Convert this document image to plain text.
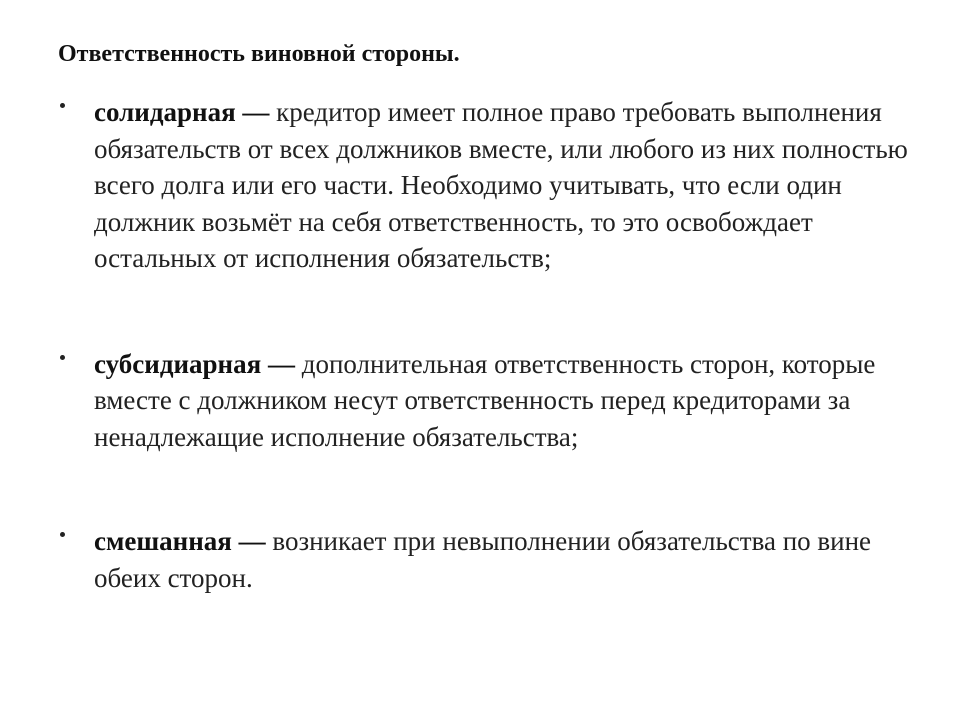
Ответственность виновной стороны.
солидарная — кредитор имеет полное право требовать выполнения обязательств от всех должников вместе, или любого из них полностью всего долга или его части. Необходимо учитывать, что если один должник возьмёт на себя ответственность, то это освобождает остальных от исполнения обязательств;
субсидиарная — дополнительная ответственность сторон, которые вместе с должником несут ответственность перед кредиторами за ненадлежащие исполнение обязательства;
смешанная — возникает при невыполнении обязательства по вине обеих сторон.
